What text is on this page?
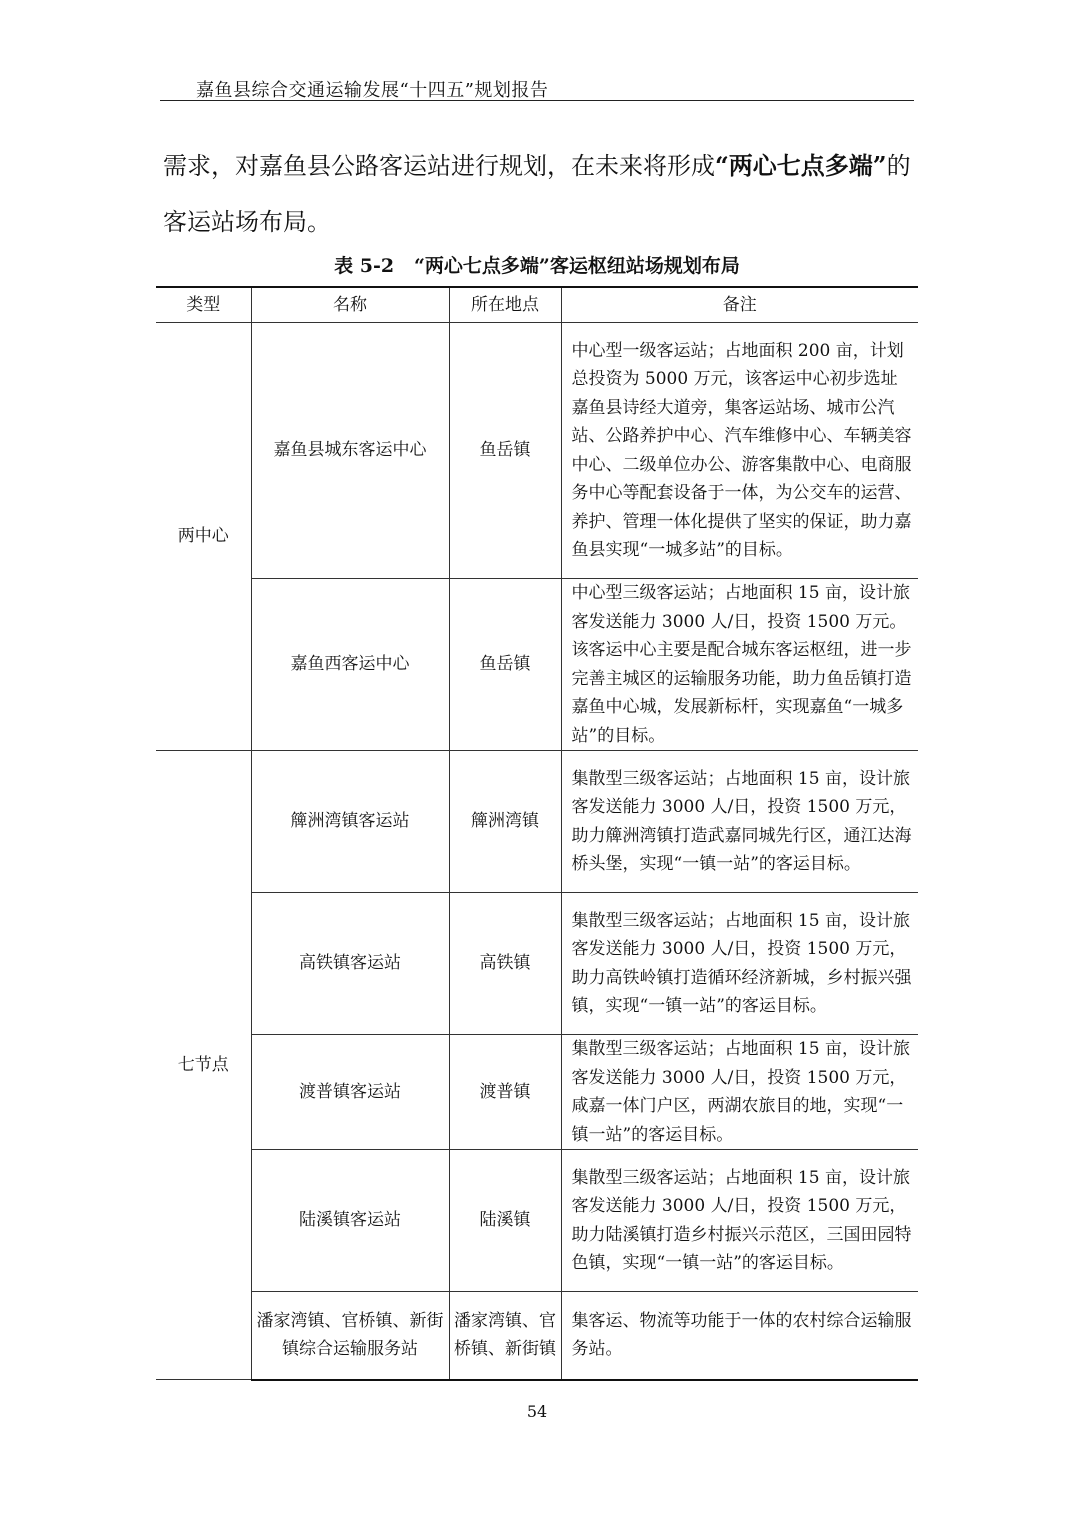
嘉鱼县综合交通运输发展“十四五”规划报告

需求，对嘉鱼县公路客运站进行规划，在未来将形成“两心七点多端”的客运站场布局。

表 5-2   “两心七点多端”客运枢纽站场规划布局

类型	名称	所在地点	备注
两中心	嘉鱼县城东客运中心	鱼岳镇	中心型一级客运站；占地面积 200 亩，计划总投资为 5000 万元，该客运中心初步选址嘉鱼县诗经大道旁，集客运站场、城市公汽站、公路养护中心、汽车维修中心、车辆美容中心、二级单位办公、游客集散中心、电商服务中心等配套设备于一体，为公交车的运营、养护、管理一体化提供了坚实的保证，助力嘉鱼县实现“一城多站”的目标。
	嘉鱼西客运中心	鱼岳镇	中心型三级客运站；占地面积 15 亩，设计旅客发送能力 3000 人/日，投资 1500 万元。该客运中心主要是配合城东客运枢纽，进一步完善主城区的运输服务功能，助力鱼岳镇打造嘉鱼中心城，发展新标杆，实现嘉鱼“一城多站”的目标。
七节点	簰洲湾镇客运站	簰洲湾镇	集散型三级客运站；占地面积 15 亩，设计旅客发送能力 3000 人/日，投资 1500 万元，助力簰洲湾镇打造武嘉同城先行区，通江达海桥头堡，实现“一镇一站”的客运目标。
	高铁镇客运站	高铁镇	集散型三级客运站；占地面积 15 亩，设计旅客发送能力 3000 人/日，投资 1500 万元，助力高铁岭镇打造循环经济新城，乡村振兴强镇，实现“一镇一站”的客运目标。
	渡普镇客运站	渡普镇	集散型三级客运站；占地面积 15 亩，设计旅客发送能力 3000 人/日，投资 1500 万元，咸嘉一体门户区，两湖农旅目的地，实现“一镇一站”的客运目标。
	陆溪镇客运站	陆溪镇	集散型三级客运站；占地面积 15 亩，设计旅客发送能力 3000 人/日，投资 1500 万元，助力陆溪镇打造乡村振兴示范区，三国田园特色镇，实现“一镇一站”的客运目标。
	潘家湾镇、官桥镇、新街镇综合运输服务站	潘家湾镇、官桥镇、新街镇	集客运、物流等功能于一体的农村综合运输服务站。
54
